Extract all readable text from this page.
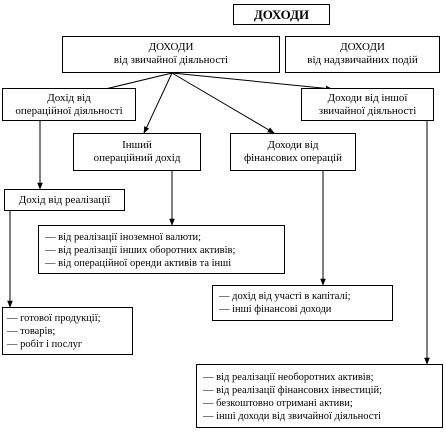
ДОХОДИ
ДОХОДИ
від звичайної діяльності
ДОХОДИ
від надзвичайних подій
Дохід від
операційної діяльності
Доходи від іншої
звичайної діяльності
Інший
операційний дохід
Доходи від
фінансових операцій
Дохід від реалізації
— від реалізації іноземної валюти;
— від реалізації інших оборотних активів;
— від операційної оренди активів та інші
— дохід від участі в капіталі;
— інші фінансові доходи
— готової продукції;
— товарів;
— робіт і послуг
— від реалізації необоротних активів;
— від реалізації фінансових інвестицій;
— безкоштовно отримані активи;
— інші доходи від звичайної діяльності
